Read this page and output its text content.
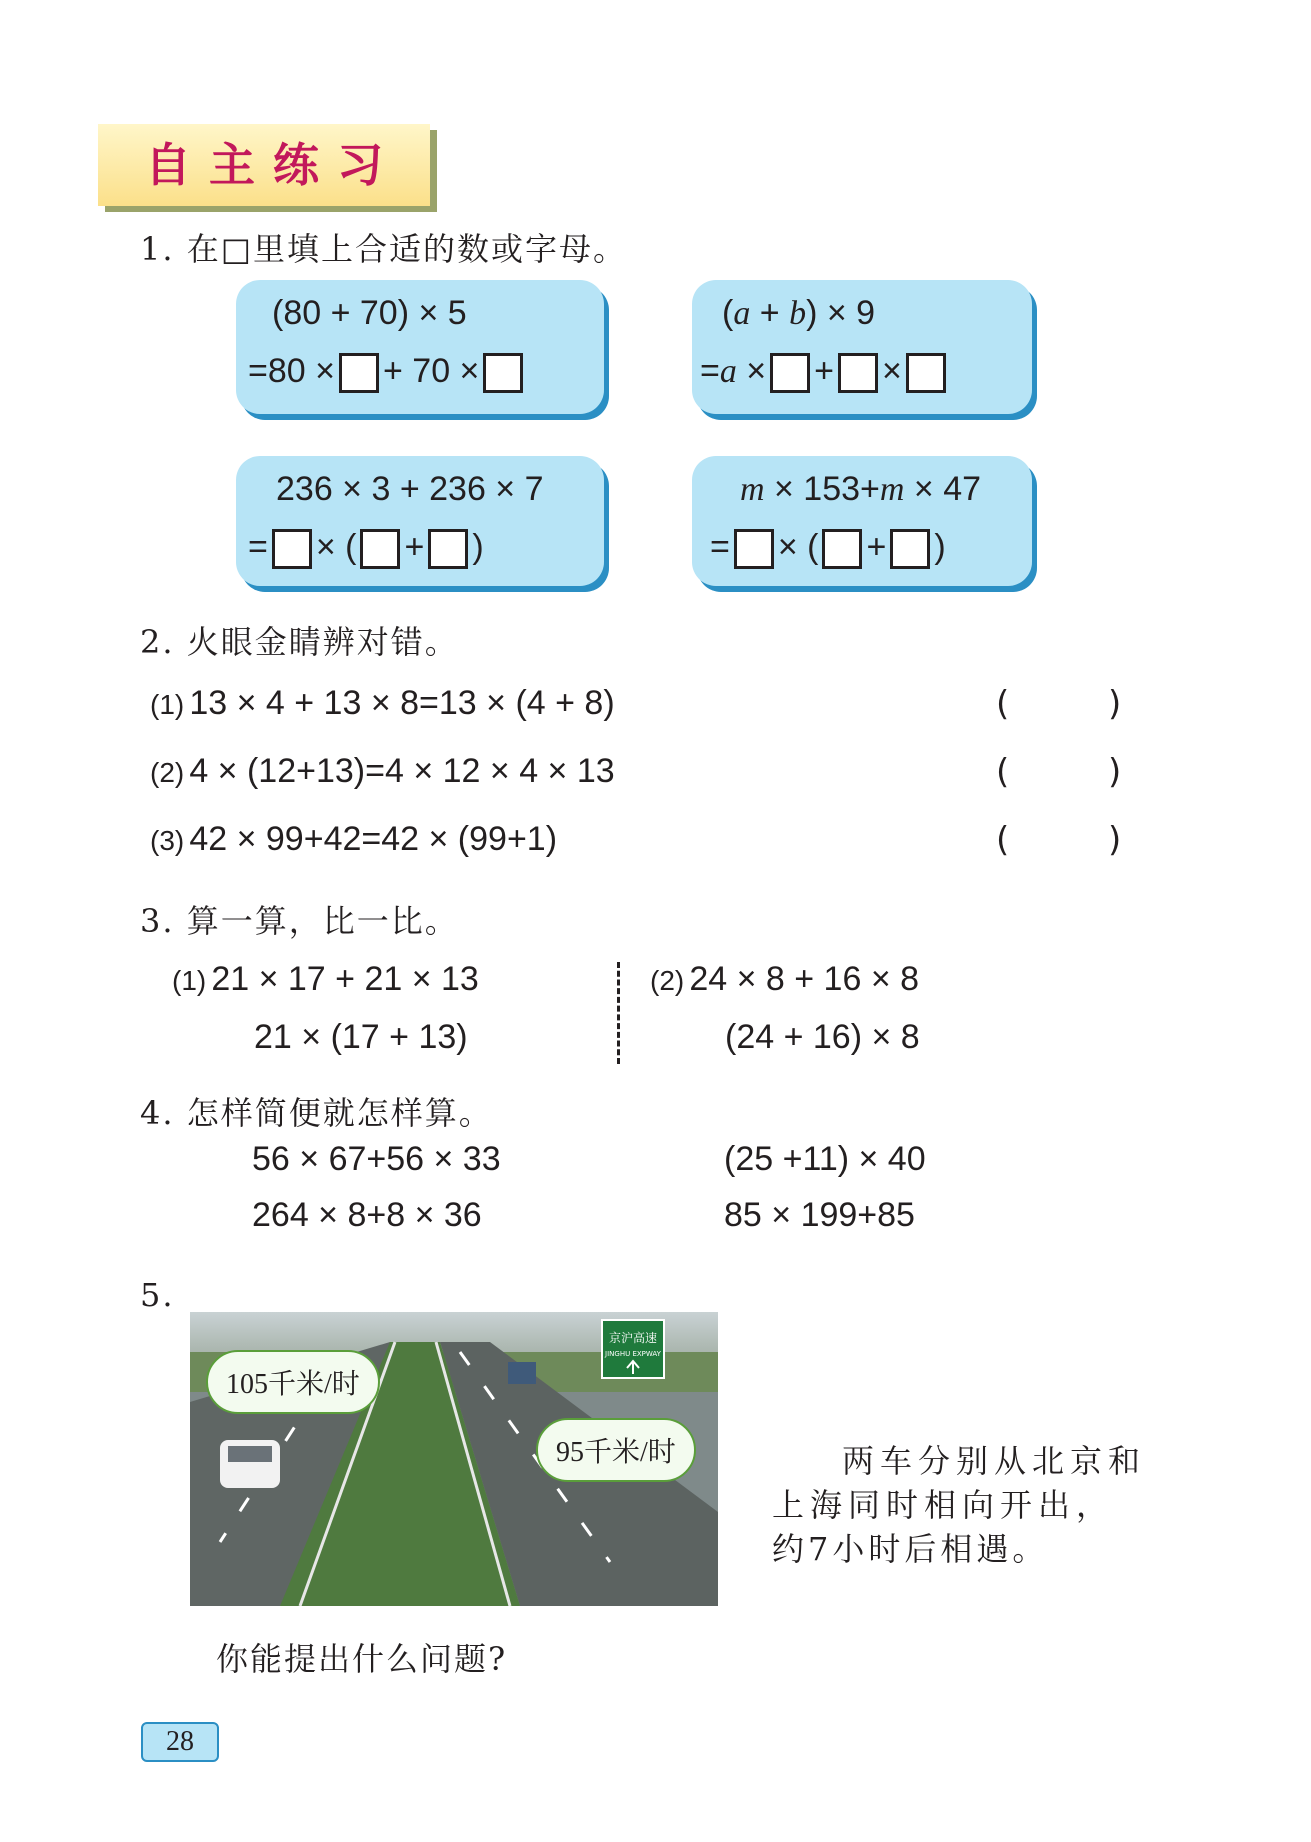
自主练习
1. 在□里填上合适的数或字母。
(80 + 70) × 5
=80 × + 70 ×
(a + b) × 9
=a × + ×
236 × 3 + 236 × 7
= × ( + )
m × 153+m × 47
= × ( + )
2. 火眼金睛辨对错。
(1) 13 × 4 + 13 × 8=13 × (4 + 8)	(	)
(2) 4 × (12+13)=4 × 12 × 4 × 13	(	)
(3) 42 × 99+42=42 × (99+1)	(	)
3. 算一算，比一比。
(1) 21 × 17 + 21 × 13
21 × (17 + 13)
(2) 24 × 8 + 16 × 8
(24 + 16) × 8
4. 怎样简便就怎样算。
56 × 67+56 × 33	(25 +11) × 40
264 × 8+8 × 36	85 × 199+85
5.
京沪高速
JINGHU EXPWAY
105千米/时
95千米/时	两车分别从北京和
上海同时相向开出，
约7小时后相遇。
你能提出什么问题?
28
